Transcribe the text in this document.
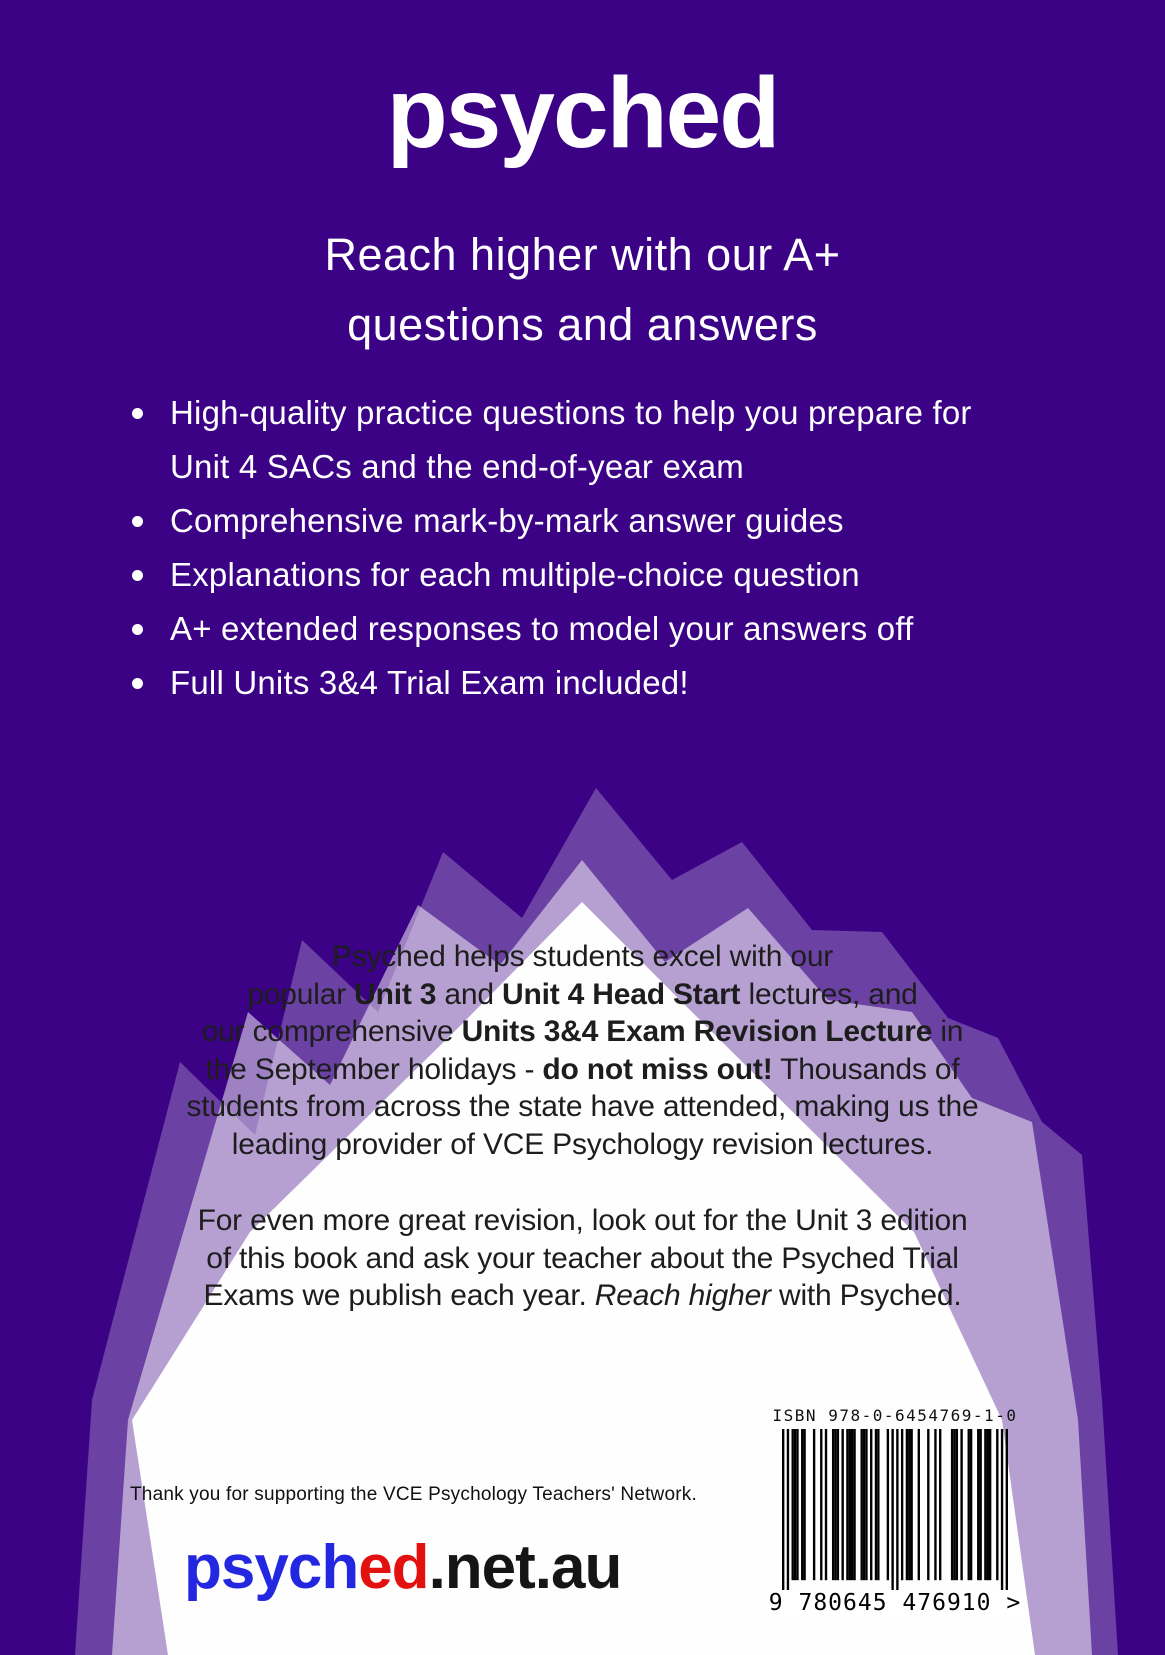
psyched
Reach higher with our A+
questions and answers
High-quality practice questions to help you prepare for Unit 4 SACs and the end-of-year exam
Comprehensive mark-by-mark answer guides
Explanations for each multiple-choice question
A+ extended responses to model your answers off
Full Units 3&4 Trial Exam included!
Psyched helps students excel with our
popular Unit 3 and Unit 4 Head Start lectures, and
our comprehensive Units 3&4 Exam Revision Lecture in
the September holidays - do not miss out! Thousands of
students from across the state have attended, making us the
leading provider of VCE Psychology revision lectures.
For even more great revision, look out for the Unit 3 edition
of this book and ask your teacher about the Psyched Trial
Exams we publish each year. Reach higher with Psyched.
ISBN 978-0-6454769-1-0
9 780645 476910 >
Thank you for supporting the VCE Psychology Teachers' Network.
psyched.net.au
